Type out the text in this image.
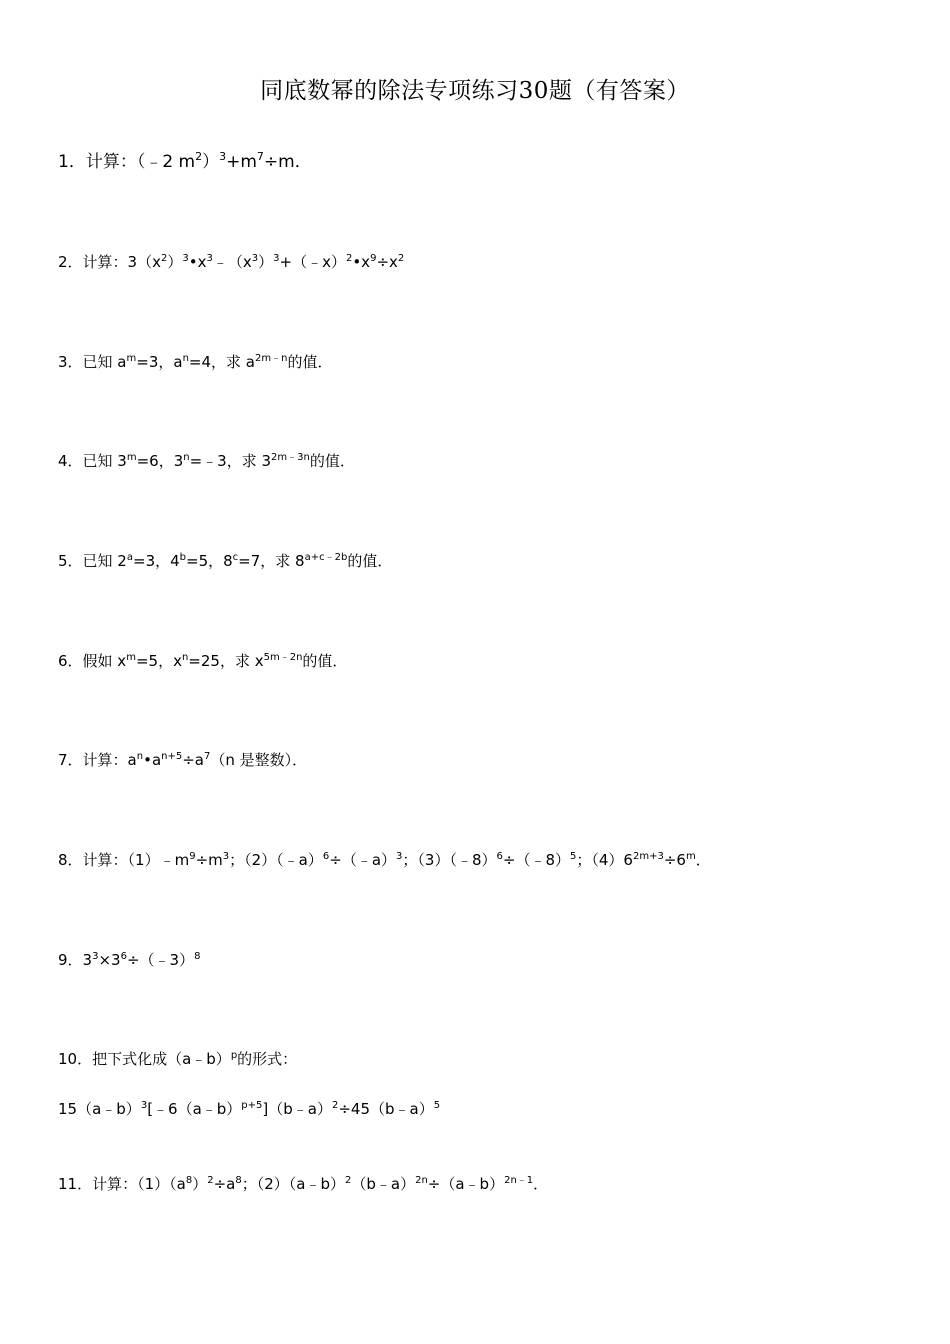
同底数幂的除法专项练习30题（有答案）
1．计算：（﹣2 $m^2)^3+m^7\div m$．
2．计算：$3(x^2)^3•x^3﹣(x^3)^3+(﹣x)^2•x^9\div x^2$
3．已知 $a^m=3$，$a^n=4$，求 $a^{2m﹣n}$的值．
4．已知 $3^m=6$，$3^n=﹣3$，求 $3^{2m﹣3n}$的值．
5．已知 $2^a=3$，$4^b=5$，$8^c=7$，求 $8^{a+c﹣2b}$的值．
6．假如 $x^m=5$，$x^n=25$，求 $x^{5m﹣2n}$的值．
7．计算：$a^n•a^{n+5}\div a^7(n$ 是整数）．
8．计算：$(1)﹣m^9\div m^3$；（2）（﹣a）$^6$÷（﹣a）$^3$；（3）（﹣8）$^6$÷（﹣8）$^5$；$(4)6^{2m+3}\div 6^m$．
9．$3^3\times 3^6\div(﹣3)^8$
10．把下式化成（a﹣b）$^p$的形式：
15（a﹣b）$^3$[﹣6（a﹣b）$^{p+5}$]（b﹣a）$^2$÷45（b﹣a）$^5$
11．计算：$(1)(a^8)^2\div a^8$；（2）（a﹣b）$^2$（b﹣a）$^{2n}$÷（a﹣b）$^{2n﹣1}$．
